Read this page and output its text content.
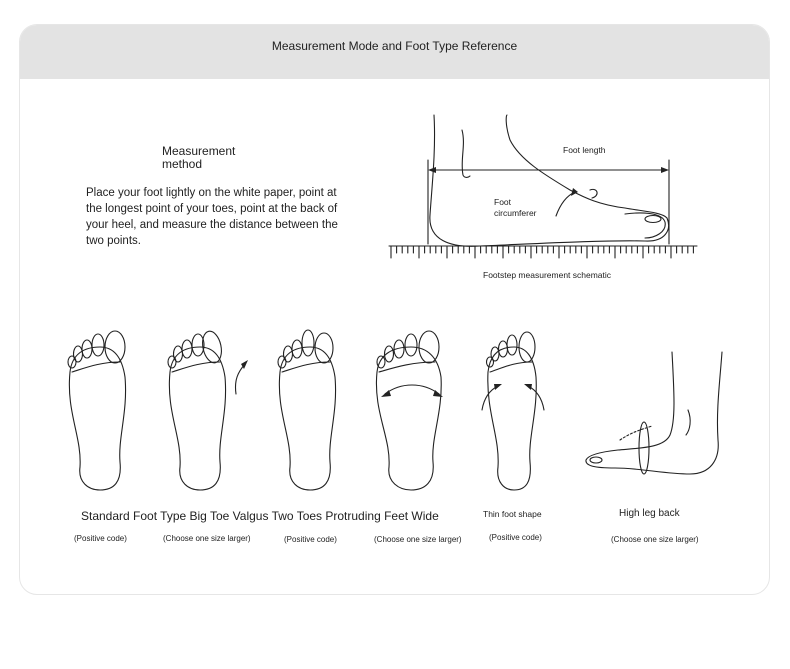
Measurement Mode and Foot Type Reference
Measurement method
Place your foot lightly on the white paper, point at the longest point of your toes, point at the back of your heel, and measure the distance between the two points.
Foot length
Foot circumferer
Footstep measurement schematic
Standard Foot Type Big Toe Valgus Two Toes Protruding Feet Wide	Thin foot shape	High leg back
(Positive code)	(Choose one size larger)	(Positive code)	(Choose one size larger)	(Positive code)	(Choose one size larger)
